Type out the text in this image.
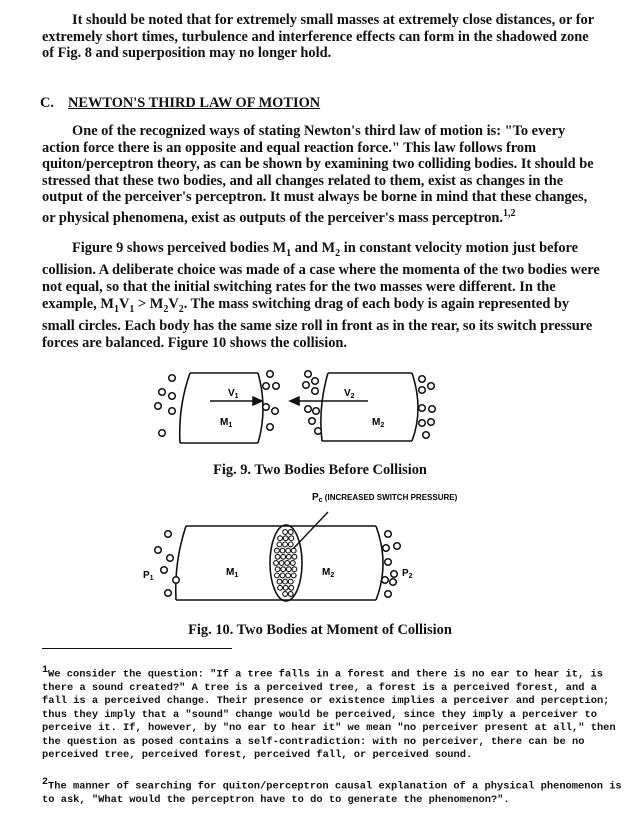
It should be noted that for extremely small masses at extremely close distances, or for extremely short times, turbulence and interference effects can form in the shadowed zone of Fig. 8 and superposition may no longer hold.

C. NEWTON'S THIRD LAW OF MOTION

One of the recognized ways of stating Newton's third law of motion is: "To every action force there is an opposite and equal reaction force." This law follows from quiton/perceptron theory, as can be shown by examining two colliding bodies. It should be stressed that these two bodies, and all changes related to them, exist as changes in the output of the perceiver's perceptron. It must always be borne in mind that these changes, or physical phenomena, exist as outputs of the perceiver's mass perceptron.$^{1,2}$

Figure 9 shows perceived bodies $M_1$ and $M_2$ in constant velocity motion just before collision. A deliberate choice was made of a case where the momenta of the two bodies were not equal, so that the initial switching rates for the two masses were different. In the example, $M_1V_1 > M_2V_2$. The mass switching drag of each body is again represented by small circles. Each body has the same size roll in front as in the rear, so its switch pressure forces are balanced. Figure 10 shows the collision.

$V_1$	$V_2$
$M_1$	$M_2$

Fig. 9. Two Bodies Before Collision

$P_c$ $^{(INCREASED SWITCH PRESSURE)}$
$P_1$	$P_2$
$M_1$	$M_2$

Fig. 10. Two Bodies at Moment of Collision

$^1$We consider the question: "If a tree falls in a forest and there is no ear to hear it, is there a sound created?" A tree is a perceived tree, a forest is a perceived forest, and a fall is a perceived change. Their presence or existence implies a perceiver and perception; thus they imply that a "sound" change would be perceived, since they imply a perceiver to perceive it. If, however, by "no ear to hear it" we mean "no perceiver present at all," then the question as posed contains a self-contradiction: with no perceiver, there can be no perceived tree, perceived forest, perceived fall, or perceived sound.

$^2$The manner of searching for quiton/perceptron causal explanation of a physical phenomenon is to ask, "What would the perceptron have to do to generate the phenomenon?".
